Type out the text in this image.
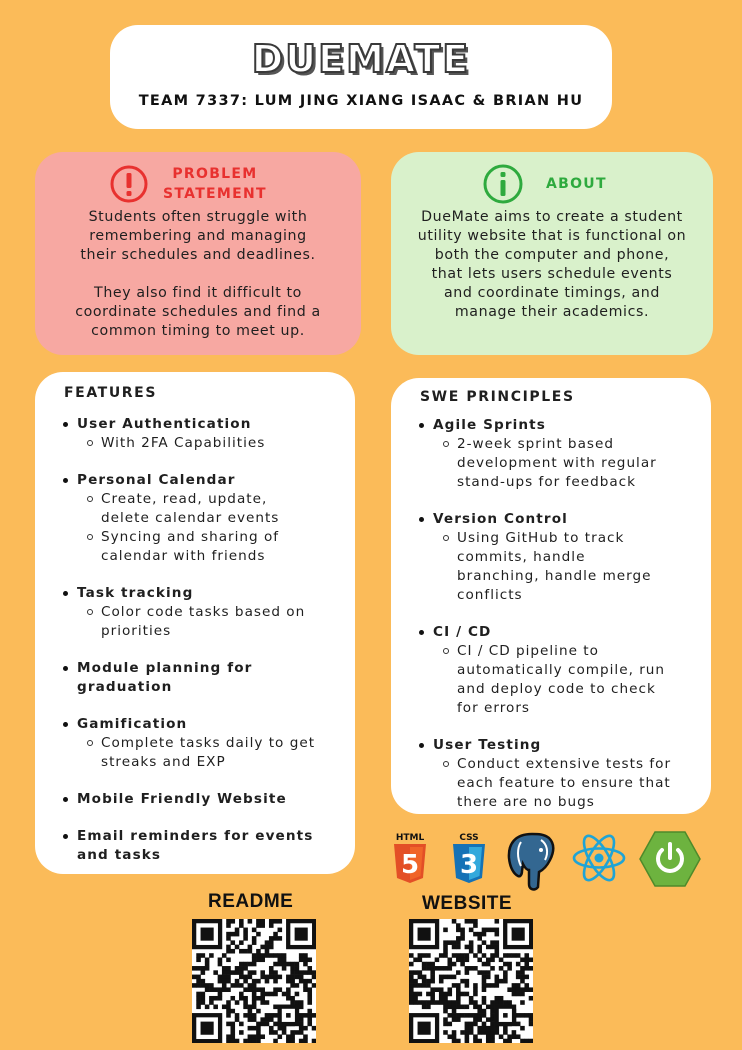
DUEMATE
TEAM 7337: LUM JING XIANG ISAAC & BRIAN HU
PROBLEM
STATEMENT
Students often struggle with
remembering and managing
their schedules and deadlines.
They also find it difficult to
coordinate schedules and find a
common timing to meet up.
ABOUT
DueMate aims to create a student
utility website that is functional on
both the computer and phone,
that lets users schedule events
and coordinate timings, and
manage their academics.
FEATURES
User Authentication
With 2FA Capabilities
Personal Calendar
Create, read, update,
delete calendar events
Syncing and sharing of
calendar with friends
Task tracking
Color code tasks based on
priorities
Module planning for
graduation
Gamification
Complete tasks daily to get
streaks and EXP
Mobile Friendly Website
Email reminders for events
and tasks
SWE PRINCIPLES
Agile Sprints
2-week sprint based
development with regular
stand-ups for feedback
Version Control
Using GitHub to track
commits, handle
branching, handle merge
conflicts
CI / CD
CI / CD pipeline to
automatically compile, run
and deploy code to check
for errors
User Testing
Conduct extensive tests for
each feature to ensure that
there are no bugs
HTML
5
CSS
3
README	WEBSITE
